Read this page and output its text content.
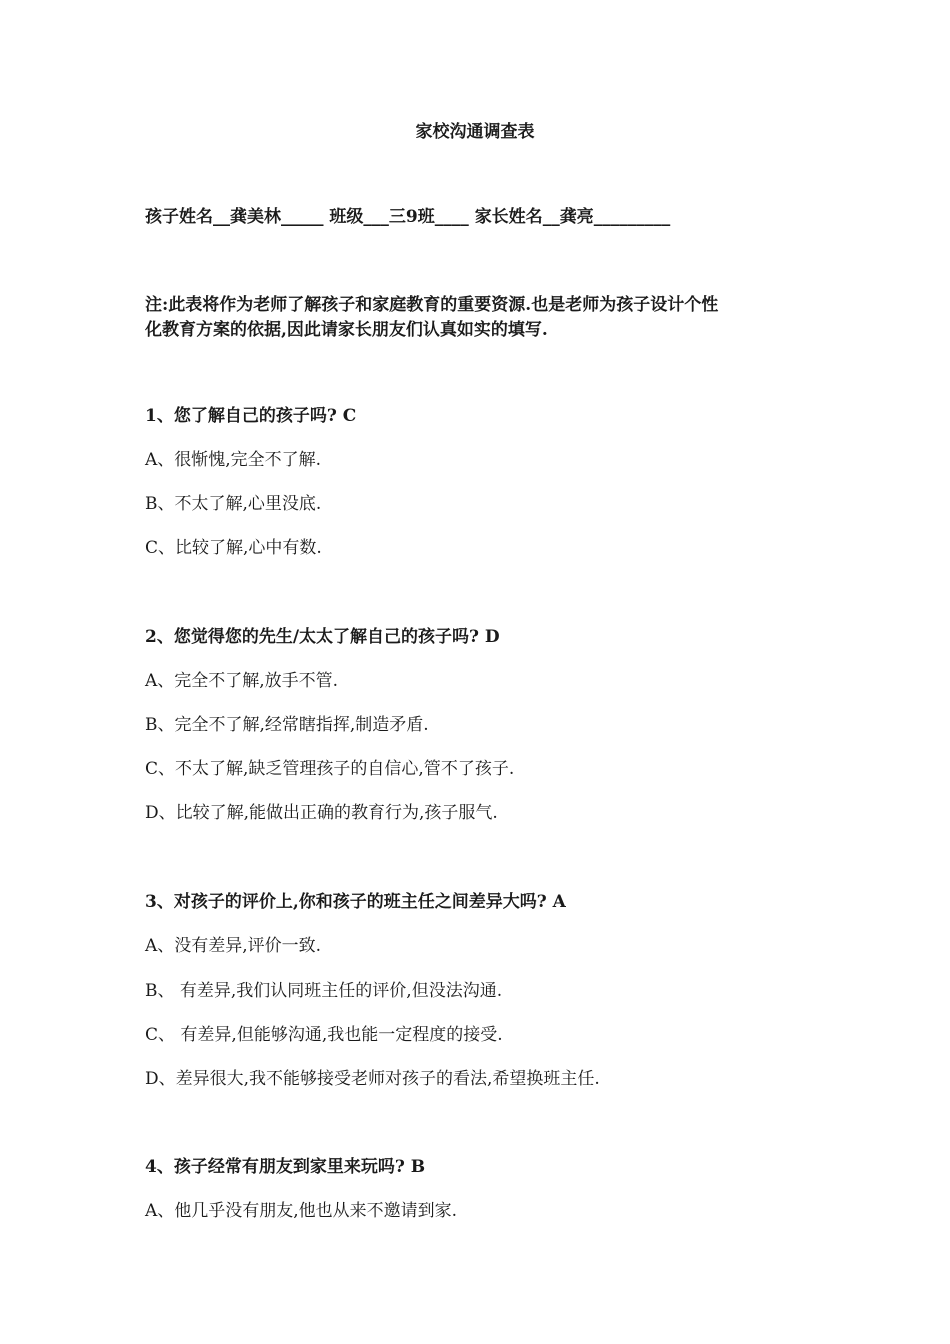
家校沟通调查表
孩子姓名__龚美林_____ 班级___三9班____ 家长姓名__龚亮_________
注:此表将作为老师了解孩子和家庭教育的重要资源.也是老师为孩子设计个性
化教育方案的依据,因此请家长朋友们认真如实的填写.
1、您了解自己的孩子吗? C
A、很惭愧,完全不了解.
B、不太了解,心里没底.
C、比较了解,心中有数.
2、您觉得您的先生/太太了解自己的孩子吗? D
A、完全不了解,放手不管.
B、完全不了解,经常瞎指挥,制造矛盾.
C、不太了解,缺乏管理孩子的自信心,管不了孩子.
D、比较了解,能做出正确的教育行为,孩子服气.
3、对孩子的评价上,你和孩子的班主任之间差异大吗? A
A、没有差异,评价一致.
B、 有差异,我们认同班主任的评价,但没法沟通.
C、 有差异,但能够沟通,我也能一定程度的接受.
D、差异很大,我不能够接受老师对孩子的看法,希望换班主任.
4、孩子经常有朋友到家里来玩吗? B
A、他几乎没有朋友,他也从来不邀请到家.
